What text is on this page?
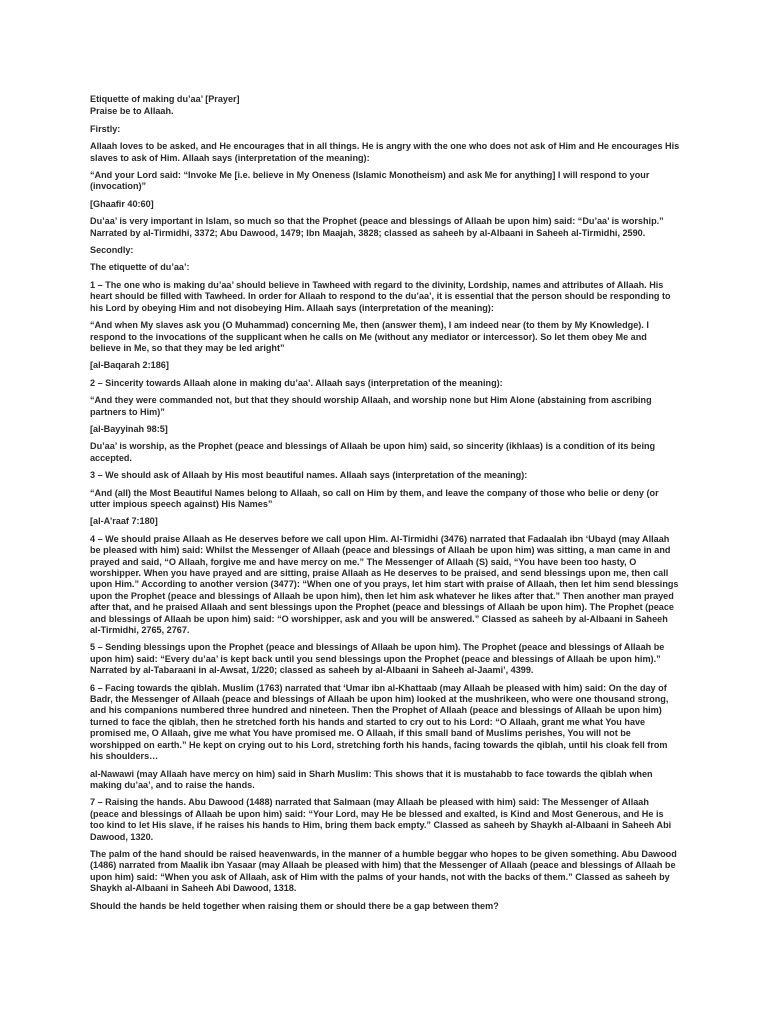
Etiquette of making du’aa’ [Prayer]

Praise be to Allaah.

Firstly:

Allaah loves to be asked, and He encourages that in all things. He is angry with the one who does not ask of Him and He encourages His slaves to ask of Him. Allaah says (interpretation of the meaning):

“And your Lord said: “Invoke Me [i.e. believe in My Oneness (Islamic Monotheism) and ask Me for anything] I will respond to your (invocation)”

[Ghaafir 40:60]

Du’aa’ is very important in Islam, so much so that the Prophet (peace and blessings of Allaah be upon him) said: “Du’aa’ is worship.” Narrated by al-Tirmidhi, 3372; Abu Dawood, 1479; Ibn Maajah, 3828; classed as saheeh by al-Albaani in Saheeh al-Tirmidhi, 2590.

Secondly:

The etiquette of du’aa’:

1 – The one who is making du’aa’ should believe in Tawheed with regard to the divinity, Lordship, names and attributes of Allaah. His heart should be filled with Tawheed. In order for Allaah to respond to the du’aa’, it is essential that the person should be responding to his Lord by obeying Him and not disobeying Him. Allaah says (interpretation of the meaning):

“And when My slaves ask you (O Muhammad) concerning Me, then (answer them), I am indeed near (to them by My Knowledge). I respond to the invocations of the supplicant when he calls on Me (without any mediator or intercessor). So let them obey Me and believe in Me, so that they may be led aright”

[al-Baqarah 2:186]

2 – Sincerity towards Allaah alone in making du’aa’. Allaah says (interpretation of the meaning):

“And they were commanded not, but that they should worship Allaah, and worship none but Him Alone (abstaining from ascribing partners to Him)”

[al-Bayyinah 98:5]

Du’aa’ is worship, as the Prophet (peace and blessings of Allaah be upon him) said, so sincerity (ikhlaas) is a condition of its being accepted.

3 – We should ask of Allaah by His most beautiful names. Allaah says (interpretation of the meaning):

“And (all) the Most Beautiful Names belong to Allaah, so call on Him by them, and leave the company of those who belie or deny (or utter impious speech against) His Names”

[al-A’raaf 7:180]

4 – We should praise Allaah as He deserves before we call upon Him. Al-Tirmidhi (3476) narrated that Fadaalah ibn ‘Ubayd (may Allaah be pleased with him) said: Whilst the Messenger of Allaah (peace and blessings of Allaah be upon him) was sitting, a man came in and prayed and said, “O Allaah, forgive me and have mercy on me.” The Messenger of Allaah (S) said, “You have been too hasty, O worshipper. When you have prayed and are sitting, praise Allaah as He deserves to be praised, and send blessings upon me, then call upon Him.” According to another version (3477): “When one of you prays, let him start with praise of Allaah, then let him send blessings upon the Prophet (peace and blessings of Allaah be upon him), then let him ask whatever he likes after that.” Then another man prayed after that, and he praised Allaah and sent blessings upon the Prophet (peace and blessings of Allaah be upon him). The Prophet (peace and blessings of Allaah be upon him) said: “O worshipper, ask and you will be answered.” Classed as saheeh by al-Albaani in Saheeh al-Tirmidhi, 2765, 2767.

5 – Sending blessings upon the Prophet (peace and blessings of Allaah be upon him). The Prophet (peace and blessings of Allaah be upon him) said: “Every du’aa’ is kept back until you send blessings upon the Prophet (peace and blessings of Allaah be upon him).” Narrated by al-Tabaraani in al-Awsat, 1/220; classed as saheeh by al-Albaani in Saheeh al-Jaami’, 4399.

6 – Facing towards the qiblah. Muslim (1763) narrated that ‘Umar ibn al-Khattaab (may Allaah be pleased with him) said: On the day of Badr, the Messenger of Allaah (peace and blessings of Allaah be upon him) looked at the mushrikeen, who were one thousand strong, and his companions numbered three hundred and nineteen. Then the Prophet of Allaah (peace and blessings of Allaah be upon him) turned to face the qiblah, then he stretched forth his hands and started to cry out to his Lord: “O Allaah, grant me what You have promised me, O Allaah, give me what You have promised me. O Allaah, if this small band of Muslims perishes, You will not be worshipped on earth.” He kept on crying out to his Lord, stretching forth his hands, facing towards the qiblah, until his cloak fell from his shoulders…

al-Nawawi (may Allaah have mercy on him) said in Sharh Muslim: This shows that it is mustahabb to face towards the qiblah when making du’aa’, and to raise the hands.

7 – Raising the hands. Abu Dawood (1488) narrated that Salmaan (may Allaah be pleased with him) said: The Messenger of Allaah (peace and blessings of Allaah be upon him) said: “Your Lord, may He be blessed and exalted, is Kind and Most Generous, and He is too kind to let His slave, if he raises his hands to Him, bring them back empty.” Classed as saheeh by Shaykh al-Albaani in Saheeh Abi Dawood, 1320.

The palm of the hand should be raised heavenwards, in the manner of a humble beggar who hopes to be given something. Abu Dawood (1486) narrated from Maalik ibn Yasaar (may Allaah be pleased with him) that the Messenger of Allaah (peace and blessings of Allaah be upon him) said: “When you ask of Allaah, ask of Him with the palms of your hands, not with the backs of them.” Classed as saheeh by Shaykh al-Albaani in Saheeh Abi Dawood, 1318.

Should the hands be held together when raising them or should there be a gap between them?
